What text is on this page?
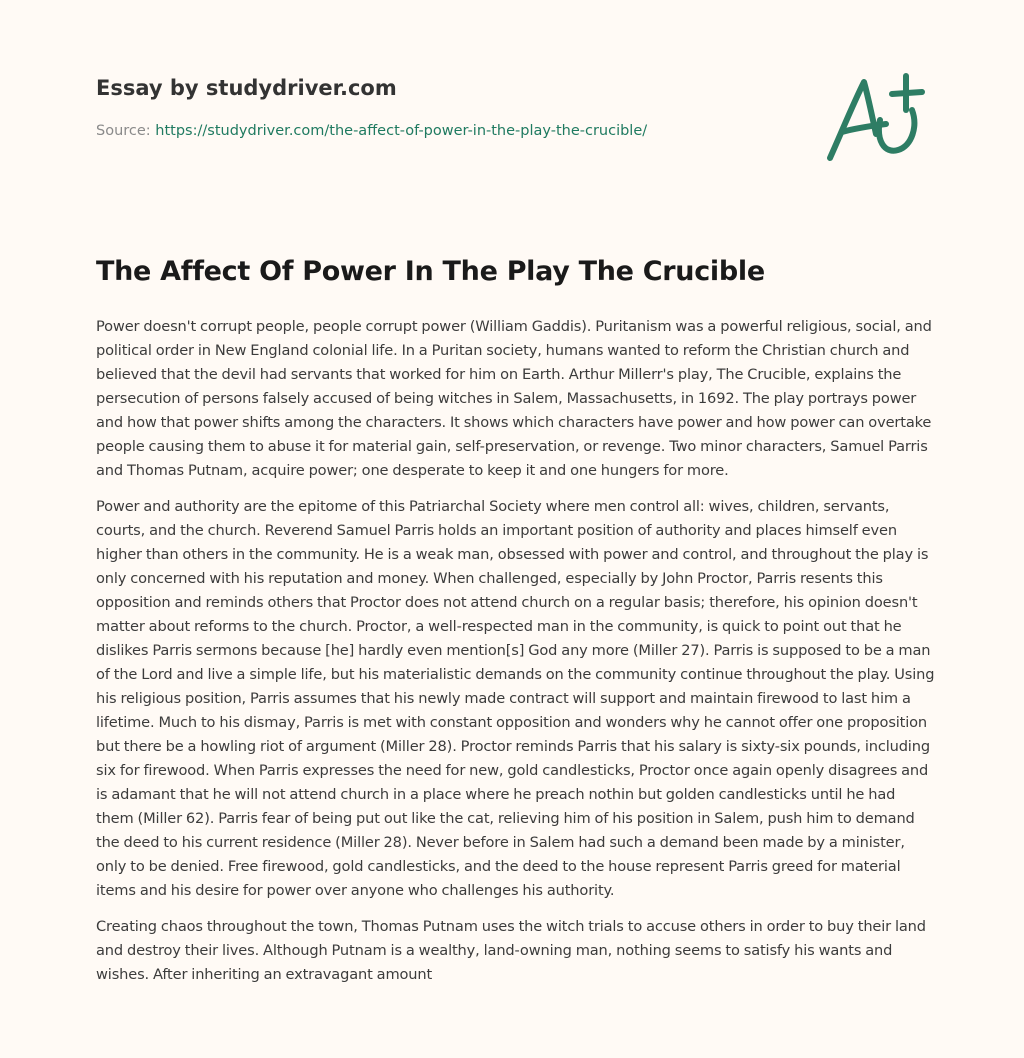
Essay by studydriver.com
Source: https://studydriver.com/the-affect-of-power-in-the-play-the-crucible/
The Affect Of Power In The Play The Crucible

Power doesn't corrupt people, people corrupt power (William Gaddis). Puritanism was a powerful religious, social, and political order in New England colonial life. In a Puritan society, humans wanted to reform the Christian church and believed that the devil had servants that worked for him on Earth. Arthur Millerr's play, The Crucible, explains the persecution of persons falsely accused of being witches in Salem, Massachusetts, in 1692. The play portrays power and how that power shifts among the characters. It shows which characters have power and how power can overtake people causing them to abuse it for material gain, self-preservation, or revenge. Two minor characters, Samuel Parris and Thomas Putnam, acquire power; one desperate to keep it and one hungers for more.

Power and authority are the epitome of this Patriarchal Society where men control all: wives, children, servants, courts, and the church. Reverend Samuel Parris holds an important position of authority and places himself even higher than others in the community. He is a weak man, obsessed with power and control, and throughout the play is only concerned with his reputation and money. When challenged, especially by John Proctor, Parris resents this opposition and reminds others that Proctor does not attend church on a regular basis; therefore, his opinion doesn't matter about reforms to the church. Proctor, a well-respected man in the community, is quick to point out that he dislikes Parris sermons because [he] hardly even mention[s] God any more (Miller 27). Parris is supposed to be a man of the Lord and live a simple life, but his materialistic demands on the community continue throughout the play. Using his religious position, Parris assumes that his newly made contract will support and maintain firewood to last him a lifetime. Much to his dismay, Parris is met with constant opposition and wonders why he cannot offer one proposition but there be a howling riot of argument (Miller 28). Proctor reminds Parris that his salary is sixty-six pounds, including six for firewood. When Parris expresses the need for new, gold candlesticks, Proctor once again openly disagrees and is adamant that he will not attend church in a place where he preach nothin but golden candlesticks until he had them (Miller 62). Parris fear of being put out like the cat, relieving him of his position in Salem, push him to demand the deed to his current residence (Miller 28). Never before in Salem had such a demand been made by a minister, only to be denied. Free firewood, gold candlesticks, and the deed to the house represent Parris greed for material items and his desire for power over anyone who challenges his authority.

Creating chaos throughout the town, Thomas Putnam uses the witch trials to accuse others in order to buy their land and destroy their lives. Although Putnam is a wealthy, land-owning man, nothing seems to satisfy his wants and wishes. After inheriting an extravagant amount
